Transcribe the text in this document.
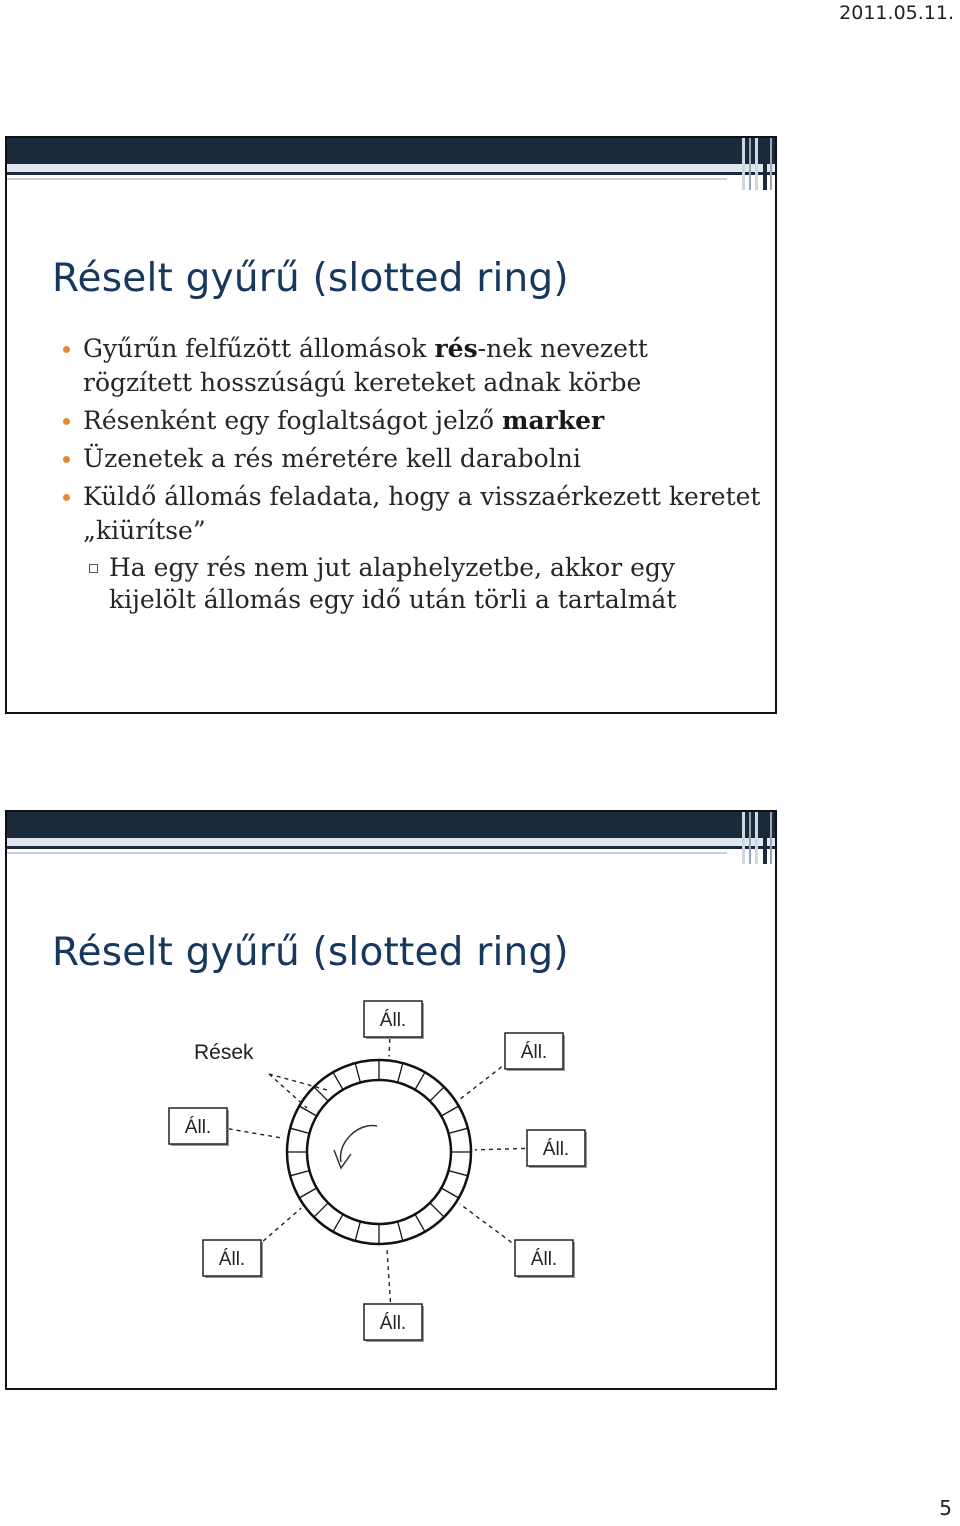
2011.05.11.
Réselt gyűrű (slotted ring)
Gyűrűn felfűzött állomások rés-nek nevezett rögzített hosszúságú kereteket adnak körbe
Résenként egy foglaltságot jelző marker
Üzenetek a rés méretére kell darabolni
Küldő állomás feladata, hogy a visszaérkezett keretet „kiürítse”
Ha egy rés nem jut alaphelyzetbe, akkor egy kijelölt állomás egy idő után törli a tartalmát
Réselt gyűrű (slotted ring)
Áll.
Áll.
Áll.
Áll.
Áll.	Áll.
Áll.
Rések
5
